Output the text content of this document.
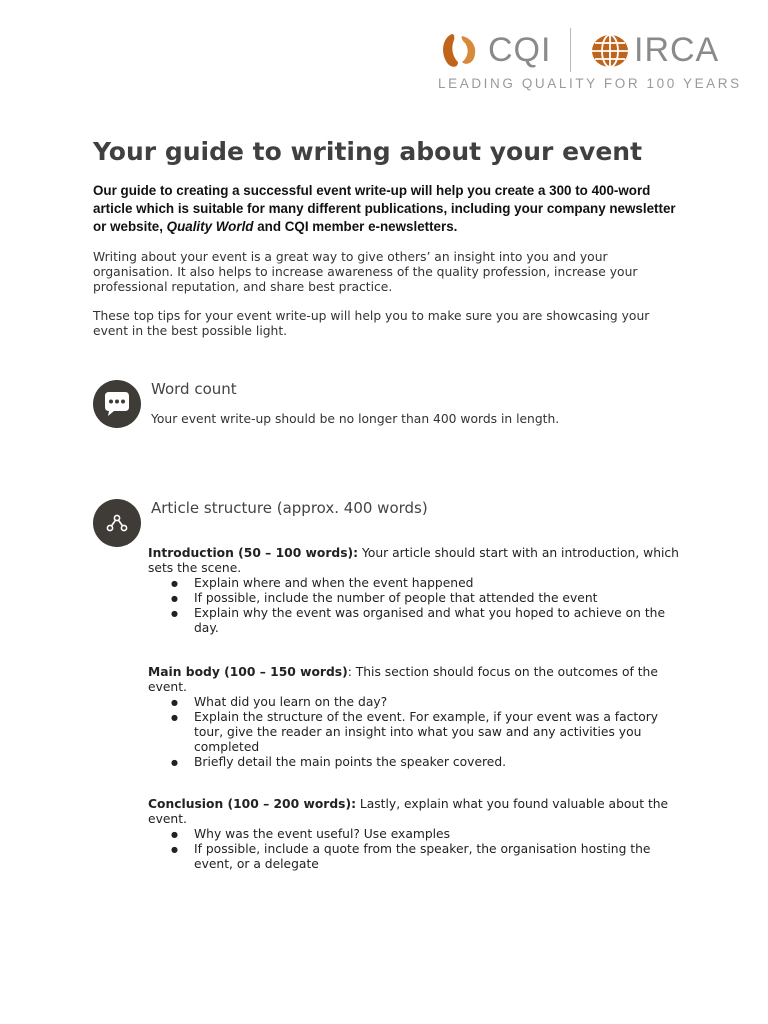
CQI IRCA
LEADING QUALITY FOR 100 YEARS
Your guide to writing about your event

Our guide to creating a successful event write-up will help you create a 300 to 400-word article which is suitable for many different publications, including your company newsletter or website, Quality World and CQI member e-newsletters.

Writing about your event is a great way to give others’ an insight into you and your organisation. It also helps to increase awareness of the quality profession, increase your professional reputation, and share best practice.

These top tips for your event write-up will help you to make sure you are showcasing your event in the best possible light.

Word count

Your event write-up should be no longer than 400 words in length.

Article structure (approx. 400 words)

Introduction (50 – 100 words): Your article should start with an introduction, which sets the scene.

● Explain where and when the event happened
● If possible, include the number of people that attended the event
● Explain why the event was organised and what you hoped to achieve on the day.

Main body (100 – 150 words): This section should focus on the outcomes of the event.

● What did you learn on the day?
● Explain the structure of the event. For example, if your event was a factory tour, give the reader an insight into what you saw and any activities you completed
● Briefly detail the main points the speaker covered.

Conclusion (100 – 200 words): Lastly, explain what you found valuable about the event.

● Why was the event useful? Use examples
● If possible, include a quote from the speaker, the organisation hosting the event, or a delegate
